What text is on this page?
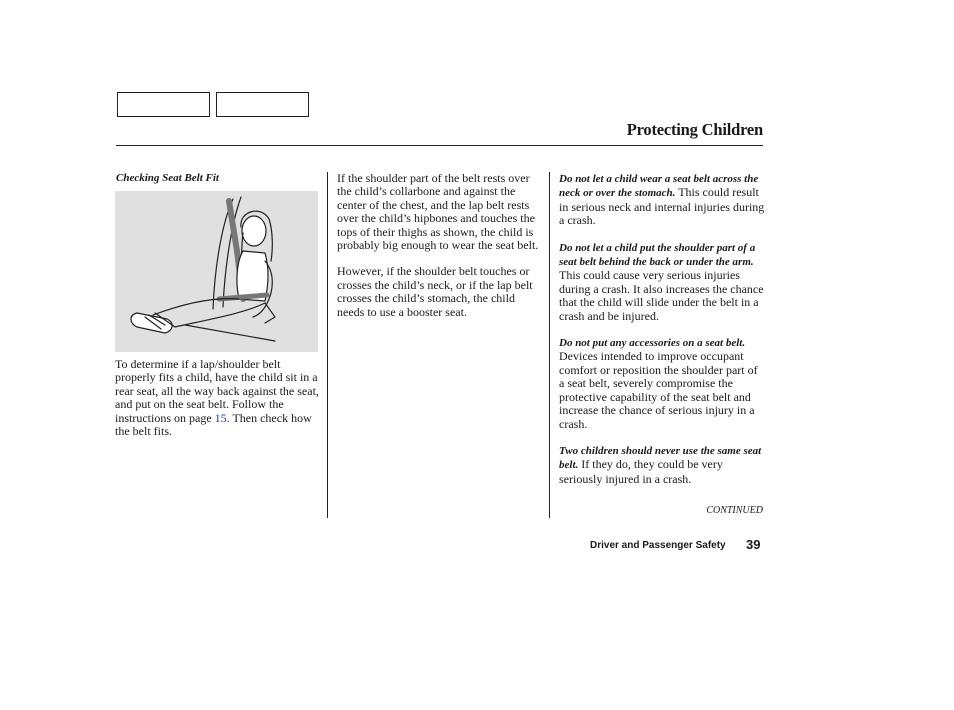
Protecting Children
Checking Seat Belt Fit

To determine if a lap/shoulder belt properly fits a child, have the child sit in a rear seat, all the way back against the seat, and put on the seat belt. Follow the instructions on page 15. Then check how the belt fits.

If the shoulder part of the belt rests over the child’s collarbone and against the center of the chest, and the lap belt rests over the child’s hipbones and touches the tops of their thighs as shown, the child is probably big enough to wear the seat belt.

However, if the shoulder belt touches or crosses the child’s neck, or if the lap belt crosses the child’s stomach, the child needs to use a booster seat.

Do not let a child wear a seat belt across the neck or over the stomach. This could result in serious neck and internal injuries during a crash.

Do not let a child put the shoulder part of a seat belt behind the back or under the arm. This could cause very serious injuries during a crash. It also increases the chance that the child will slide under the belt in a crash and be injured.

Do not put any accessories on a seat belt. Devices intended to improve occupant comfort or reposition the shoulder part of a seat belt, severely compromise the protective capability of the seat belt and increase the chance of serious injury in a crash.

Two children should never use the same seat belt. If they do, they could be very seriously injured in a crash.

CONTINUED
Driver and Passenger Safety 39
